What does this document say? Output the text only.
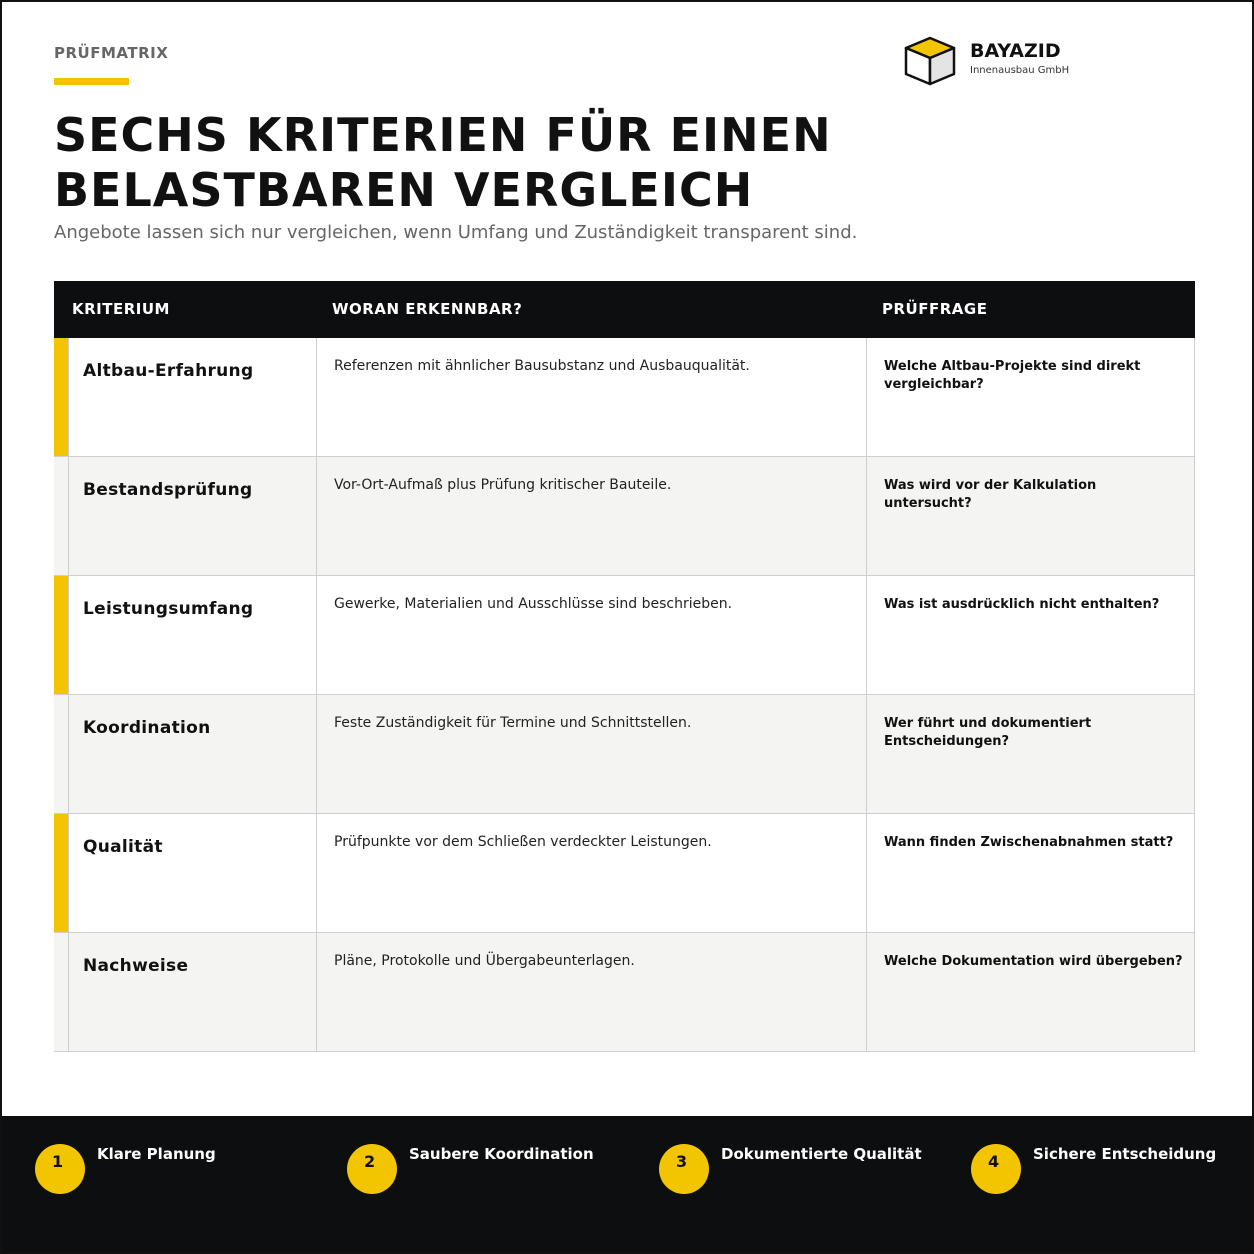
PRÜFMATRIX
SECHS KRITERIEN FÜR EINEN BELASTBAREN VERGLEICH
Angebote lassen sich nur vergleichen, wenn Umfang und Zuständigkeit transparent sind.
BAYAZID
Innenausbau GmbH
KRITERIUM	WORAN ERKENNBAR?	PRÜFFRAGE
Altbau-Erfahrung	Referenzen mit ähnlicher Bausubstanz und Ausbauqualität.	Welche Altbau-Projekte sind direkt vergleichbar?
Bestandsprüfung	Vor-Ort-Aufmaß plus Prüfung kritischer Bauteile.	Was wird vor der Kalkulation untersucht?
Leistungsumfang	Gewerke, Materialien und Ausschlüsse sind beschrieben.	Was ist ausdrücklich nicht enthalten?
Koordination	Feste Zuständigkeit für Termine und Schnittstellen.	Wer führt und dokumentiert Entscheidungen?
Qualität	Prüfpunkte vor dem Schließen verdeckter Leistungen.	Wann finden Zwischenabnahmen statt?
Nachweise	Pläne, Protokolle und Übergabeunterlagen.	Welche Dokumentation wird übergeben?
1 Klare Planung	2 Saubere Koordination	3 Dokumentierte Qualität	4 Sichere Entscheidung
